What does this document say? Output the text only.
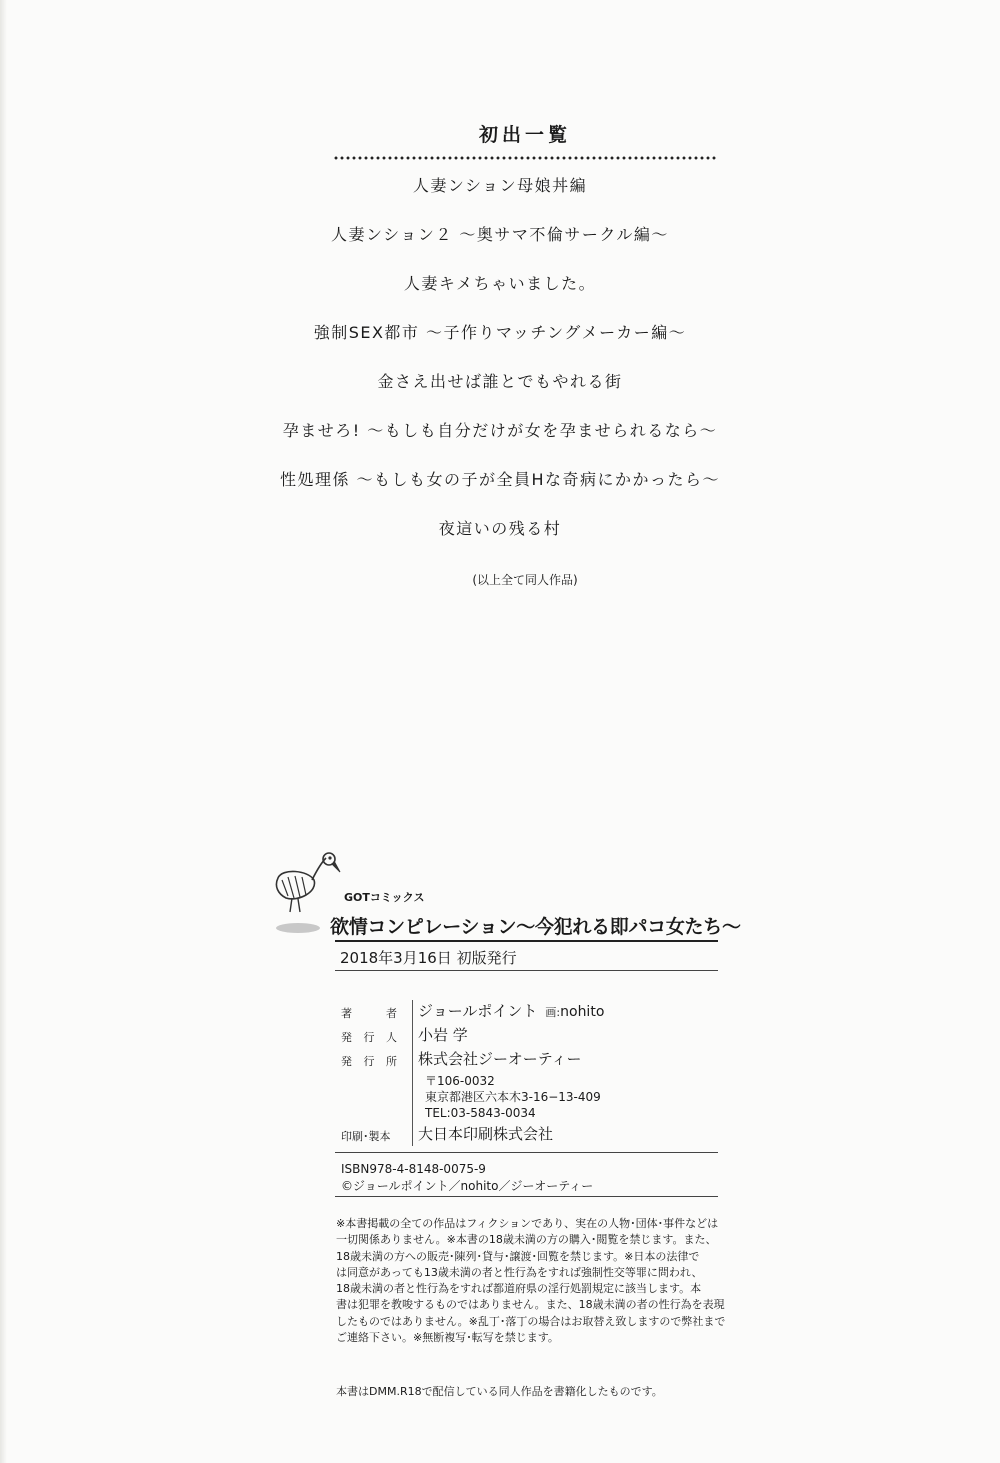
初出一覧
人妻ンション母娘丼編
人妻ンション２ ～奥サマ不倫サークル編～
人妻キメちゃいました。
強制SEX都市 ～子作りマッチングメーカー編～
金さえ出せば誰とでもやれる街
孕ませろ! ～もしも自分だけが女を孕ませられるなら～
性処理係 ～もしも女の子が全員Hな奇病にかかったら～
夜這いの残る村
(以上全て同人作品)
GOTコミックス
欲情コンピレーション～今犯れる即パコ女たち～
2018年3月16日 初版発行
著者 ジョールポイント 画:nohito
発行人 小岩 学
発行所 株式会社ジーオーティー
〒106-0032
東京都港区六本木3-16−13-409
TEL:03-5843-0034
印刷･製本 大日本印刷株式会社
ISBN978-4-8148-0075-9
©ジョールポイント／nohito／ジーオーティー
※本書掲載の全ての作品はフィクションであり、実在の人物･団体･事件などは
一切関係ありません。※本書の18歳未満の方の購入･閲覧を禁じます。また、
18歳未満の方への販売･陳列･貸与･譲渡･回覧を禁じます。※日本の法律で
は同意があっても13歳未満の者と性行為をすれば強制性交等罪に問われ、
18歳未満の者と性行為をすれば都道府県の淫行処罰規定に該当します。本
書は犯罪を教唆するものではありません。また、18歳未満の者の性行為を表現
したものではありません。※乱丁･落丁の場合はお取替え致しますので弊社まで
ご連絡下さい。※無断複写･転写を禁じます。
本書はDMM.R18で配信している同人作品を書籍化したものです。
